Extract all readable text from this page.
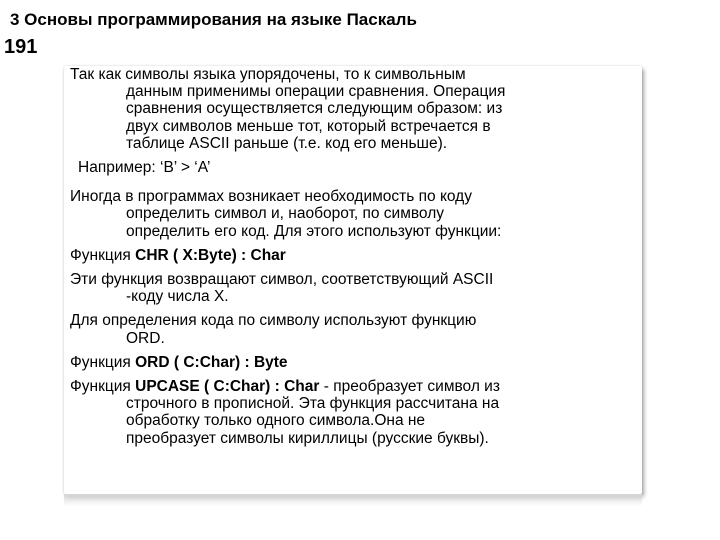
3 Основы программирования на языке Паскаль
191
Так как символы языка упорядочены, то к символьным
данным применимы операции сравнения. Операция
сравнения осуществляется следующим образом: из
двух символов меньше тот, который встречается в
таблице ASCII раньше (т.е. код его меньше).
Например: ‘B’ > ‘A’
Иногда в программах возникает необходимость по коду
определить символ и, наоборот, по символу
определить его код. Для этого используют функции:
Функция CHR ( X:Byte) : Char
Эти функция возвращают символ, соответствующий ASCII
-коду числа X.
Для определения кода по символу используют функцию
ORD.
Функция ORD ( C:Char) : Byte
Функция UPCASE ( C:Char) : Char - преобразует символ из
строчного в прописной. Эта функция рассчитана на
обработку только одного символа.Она не
преобразует символы кириллицы (русские буквы).
